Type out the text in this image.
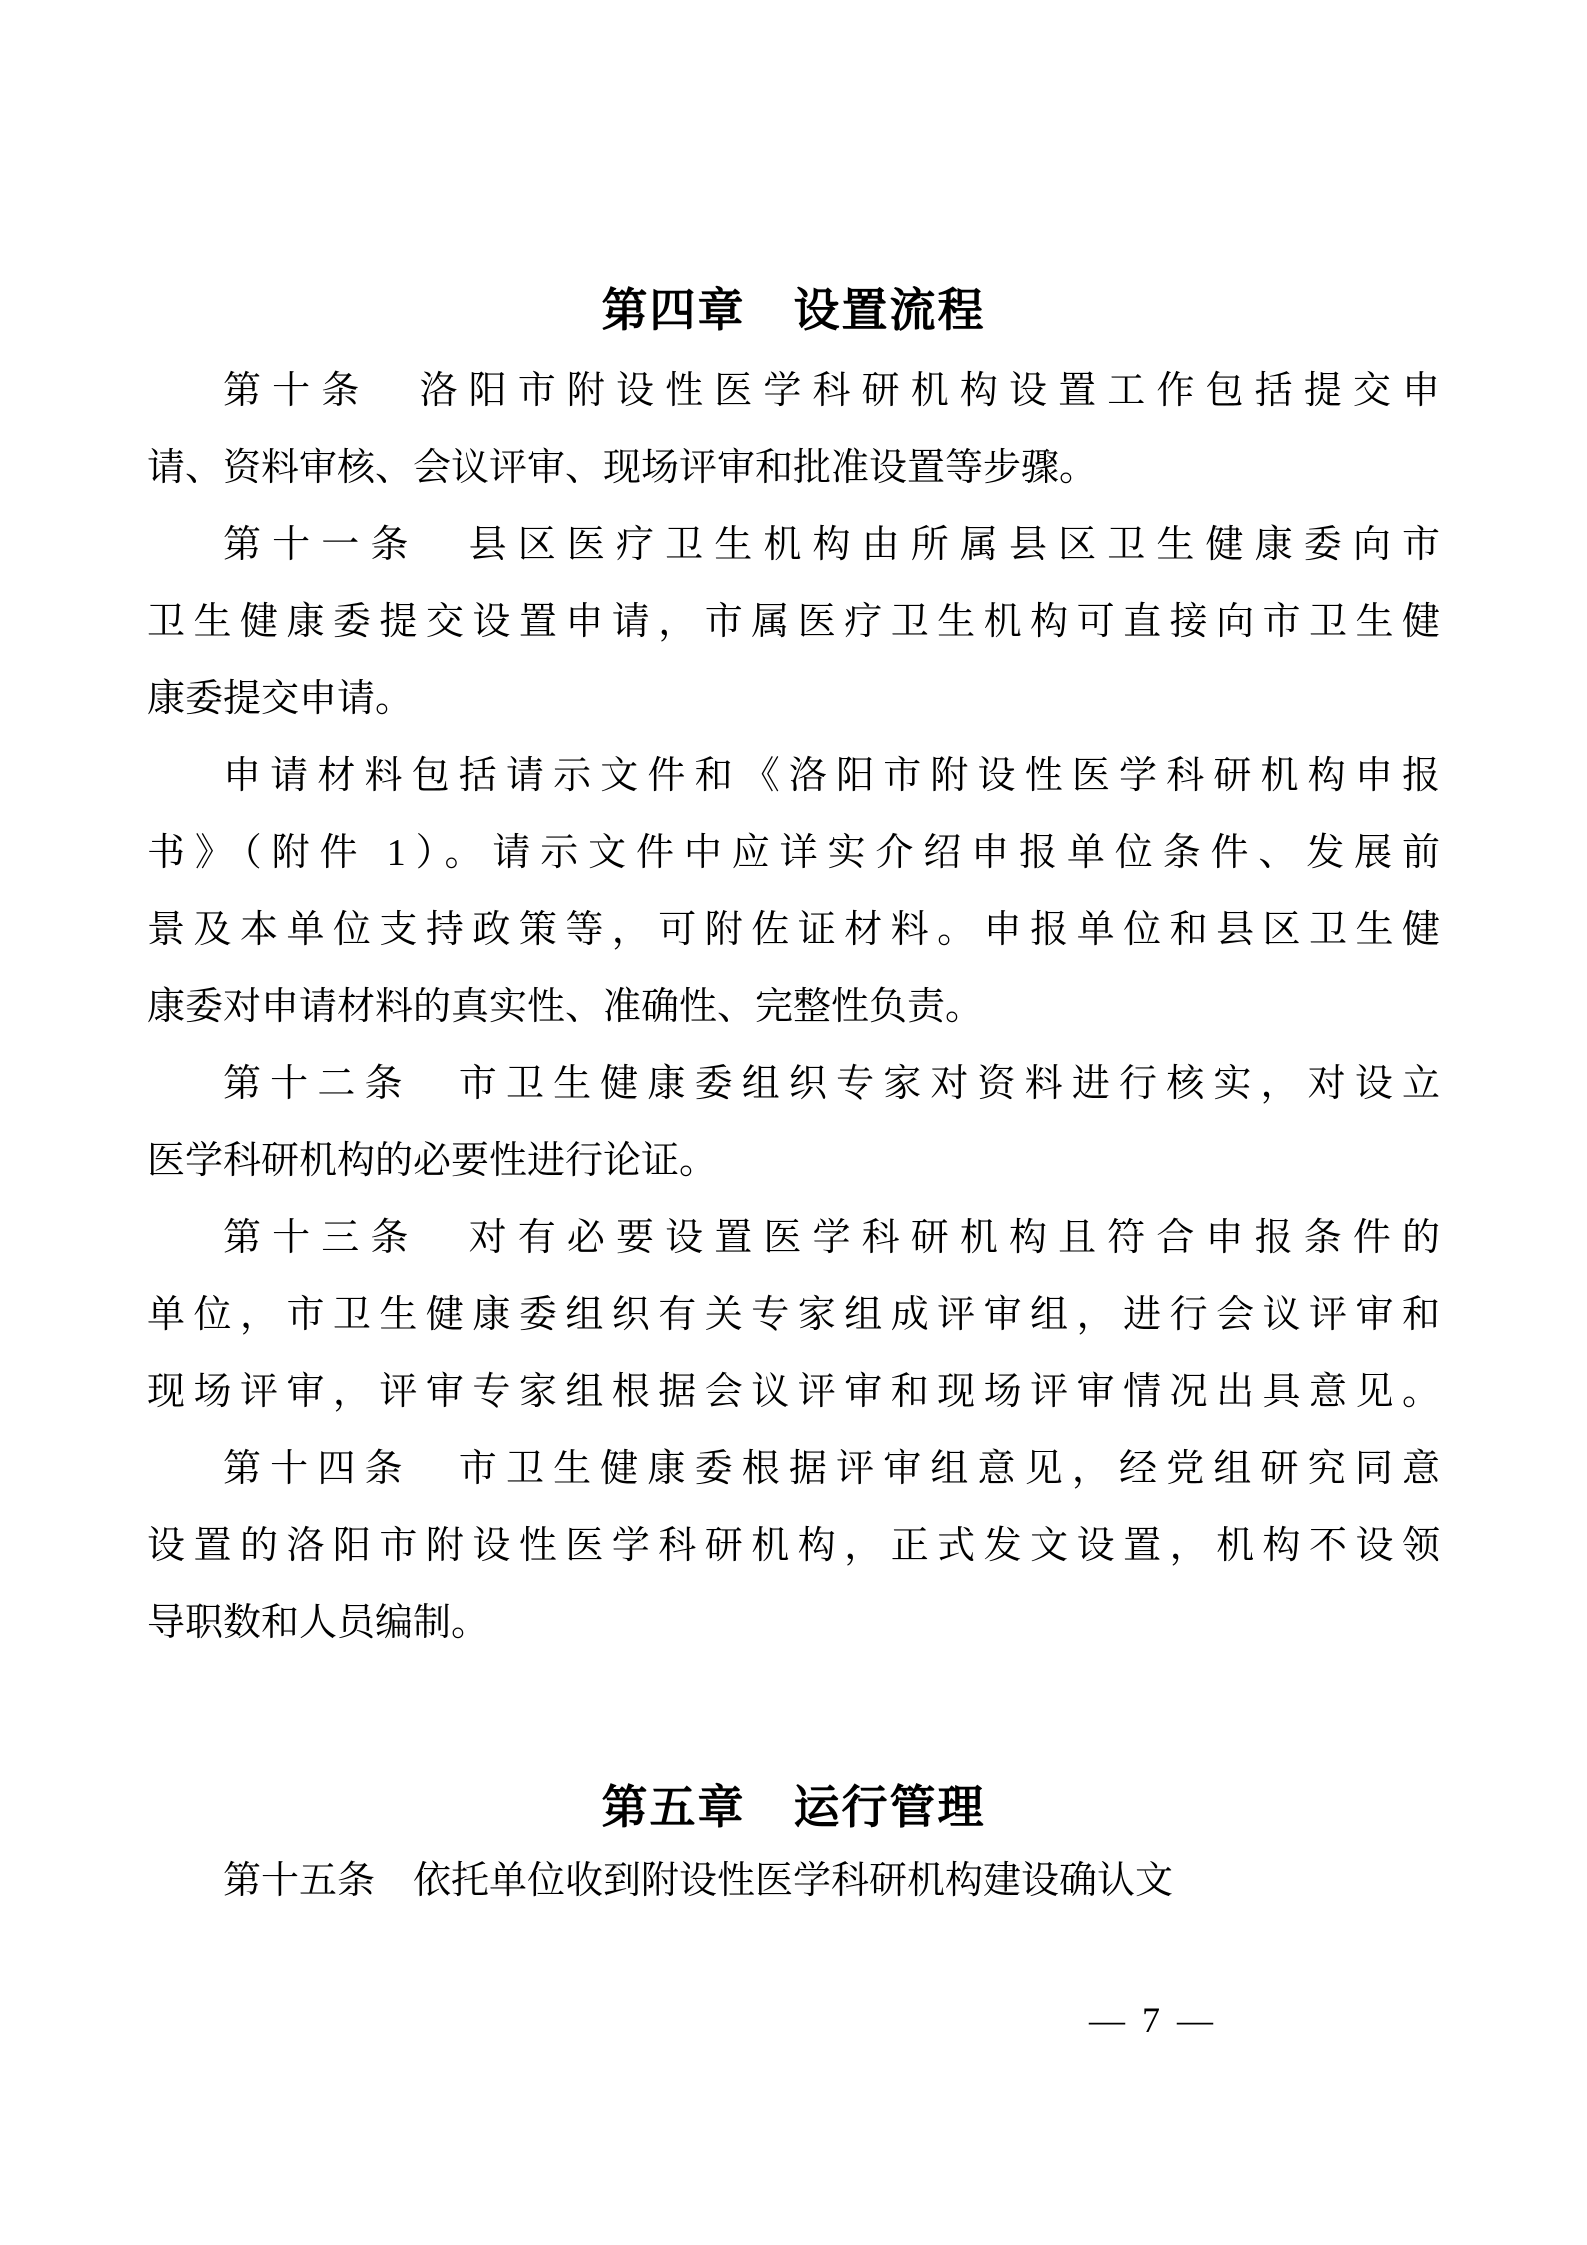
第四章　设置流程
第十条　洛阳市附设性医学科研机构设置工作包括提交申
请、资料审核、会议评审、现场评审和批准设置等步骤。
第十一条　县区医疗卫生机构由所属县区卫生健康委向市
卫生健康委提交设置申请，市属医疗卫生机构可直接向市卫生健
康委提交申请。
申请材料包括请示文件和《洛阳市附设性医学科研机构申报
书》（附件 1）。请示文件中应详实介绍申报单位条件、发展前
景及本单位支持政策等，可附佐证材料。申报单位和县区卫生健
康委对申请材料的真实性、准确性、完整性负责。
第十二条　市卫生健康委组织专家对资料进行核实，对设立
医学科研机构的必要性进行论证。
第十三条　对有必要设置医学科研机构且符合申报条件的
单位，市卫生健康委组织有关专家组成评审组，进行会议评审和
现场评审，评审专家组根据会议评审和现场评审情况出具意见。
第十四条　市卫生健康委根据评审组意见，经党组研究同意
设置的洛阳市附设性医学科研机构，正式发文设置，机构不设领
导职数和人员编制。
第五章　运行管理
第十五条　依托单位收到附设性医学科研机构建设确认文
— 7 —
